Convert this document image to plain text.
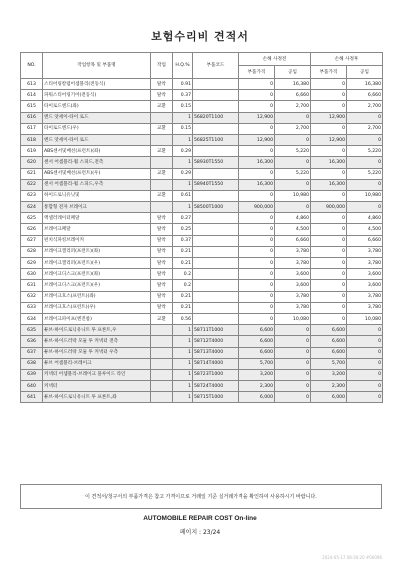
보험수리비 견적서
NO.	작업항목 및 부품명	작업	H.Q.%	부품코드	손해 사정전		손해 사정후	
					부품가격	공임	부품가격	공임
613	스티어링칼럼어셈블리(전동식)	탈착	0.91		0	16,380	0	16,380
614	파워스티어링기어(전동식)	탈착	0.37		0	6,660	0	6,660
615	타이로드엔드(좌)	교환	0.15		0	2,700	0	2,700
616	엔드 앗세이-타이 로드		1	56820T1100	12,900	0	12,900	0
617	타이로드엔드(우)	교환	0.15		0	2,700	0	2,700
618	엔드 앗세이-타이 로드		1	56825T1100	12,900	0	12,900	0
619	ABS센서및배선(프런트)(좌)	교환	0.29		0	5,220	0	5,220
620	센서 어셈블리-휠 스피드,전측		1	58930T1550	16,300	0	16,300	0
621	ABS센서및배선(프런트)(우)	교환	0.29		0	5,220	0	5,220
622	센서 어셈블리-휠 스피드,우측		1	58940T1550	16,300	0	16,300	0
623	하이드로닉유닛및	교환	0.61		0	10,980	0	10,980
624	통합형 전자 브레이크		1	58500T1000	900,000	0	900,000	0
625	액셀러레이터페달	탈착	0.27		0	4,860	0	4,860
626	브레이크페달	탈착	0.25		0	4,500	0	4,500
627	펀치식파킹브레이커	탈착	0.37		0	6,660	0	6,660
628	브레이크캘리퍼(프런트)(좌)	탈착	0.21		0	3,780	0	3,780
629	브레이크캘리퍼(프런트)(우)	탈착	0.21		0	3,780	0	3,780
630	브레이크디스크(프런트)(좌)	탈착	0.2		0	3,600	0	3,600
631	브레이크디스크(프런트)(우)	탈착	0.2		0	3,600	0	3,600
632	브레이크호스(프런트)(좌)	탈착	0.21		0	3,780	0	3,780
633	브레이크호스(프런트)(우)	탈착	0.21		0	3,780	0	3,780
634	브레이크파이프(엔진룸)	교환	0.56		0	10,080	0	10,080
635	튜브-하이드로닉유니트 투 프론트,우		1	58711T1000	6,600	0	6,600	0
636	튜브-하이드러락 모듈 투 커넥터 전측		1	58712T4000	6,600	0	6,600	0
637	튜브-하이드러락 모듈 투 커넥터 우측		1	58713T4000	6,600	0	6,600	0
638	튜브 어셈블리-브레이크		1	58714T4000	5,700	0	5,700	0
639	커넥터 어셈블리-브레이크 플루이드 라인		1	58723T1000	3,200	0	3,200	0
640	커넥터		1	58724T4000	2,300	0	2,300	0
641	튜브-하이드로닉유니트 투 프론트,좌		1	58715T1000	6,000	0	6,000	0
이 견적서/청구서의 부품가격은 참고 가격이므로 거래일 기준 실거래가격을 확인하여 사용하시기 바랍니다.
AUTOMOBILE REPAIR COST On-line
페이지 : 23/24
2024-05-17 08:30:20 #00096
